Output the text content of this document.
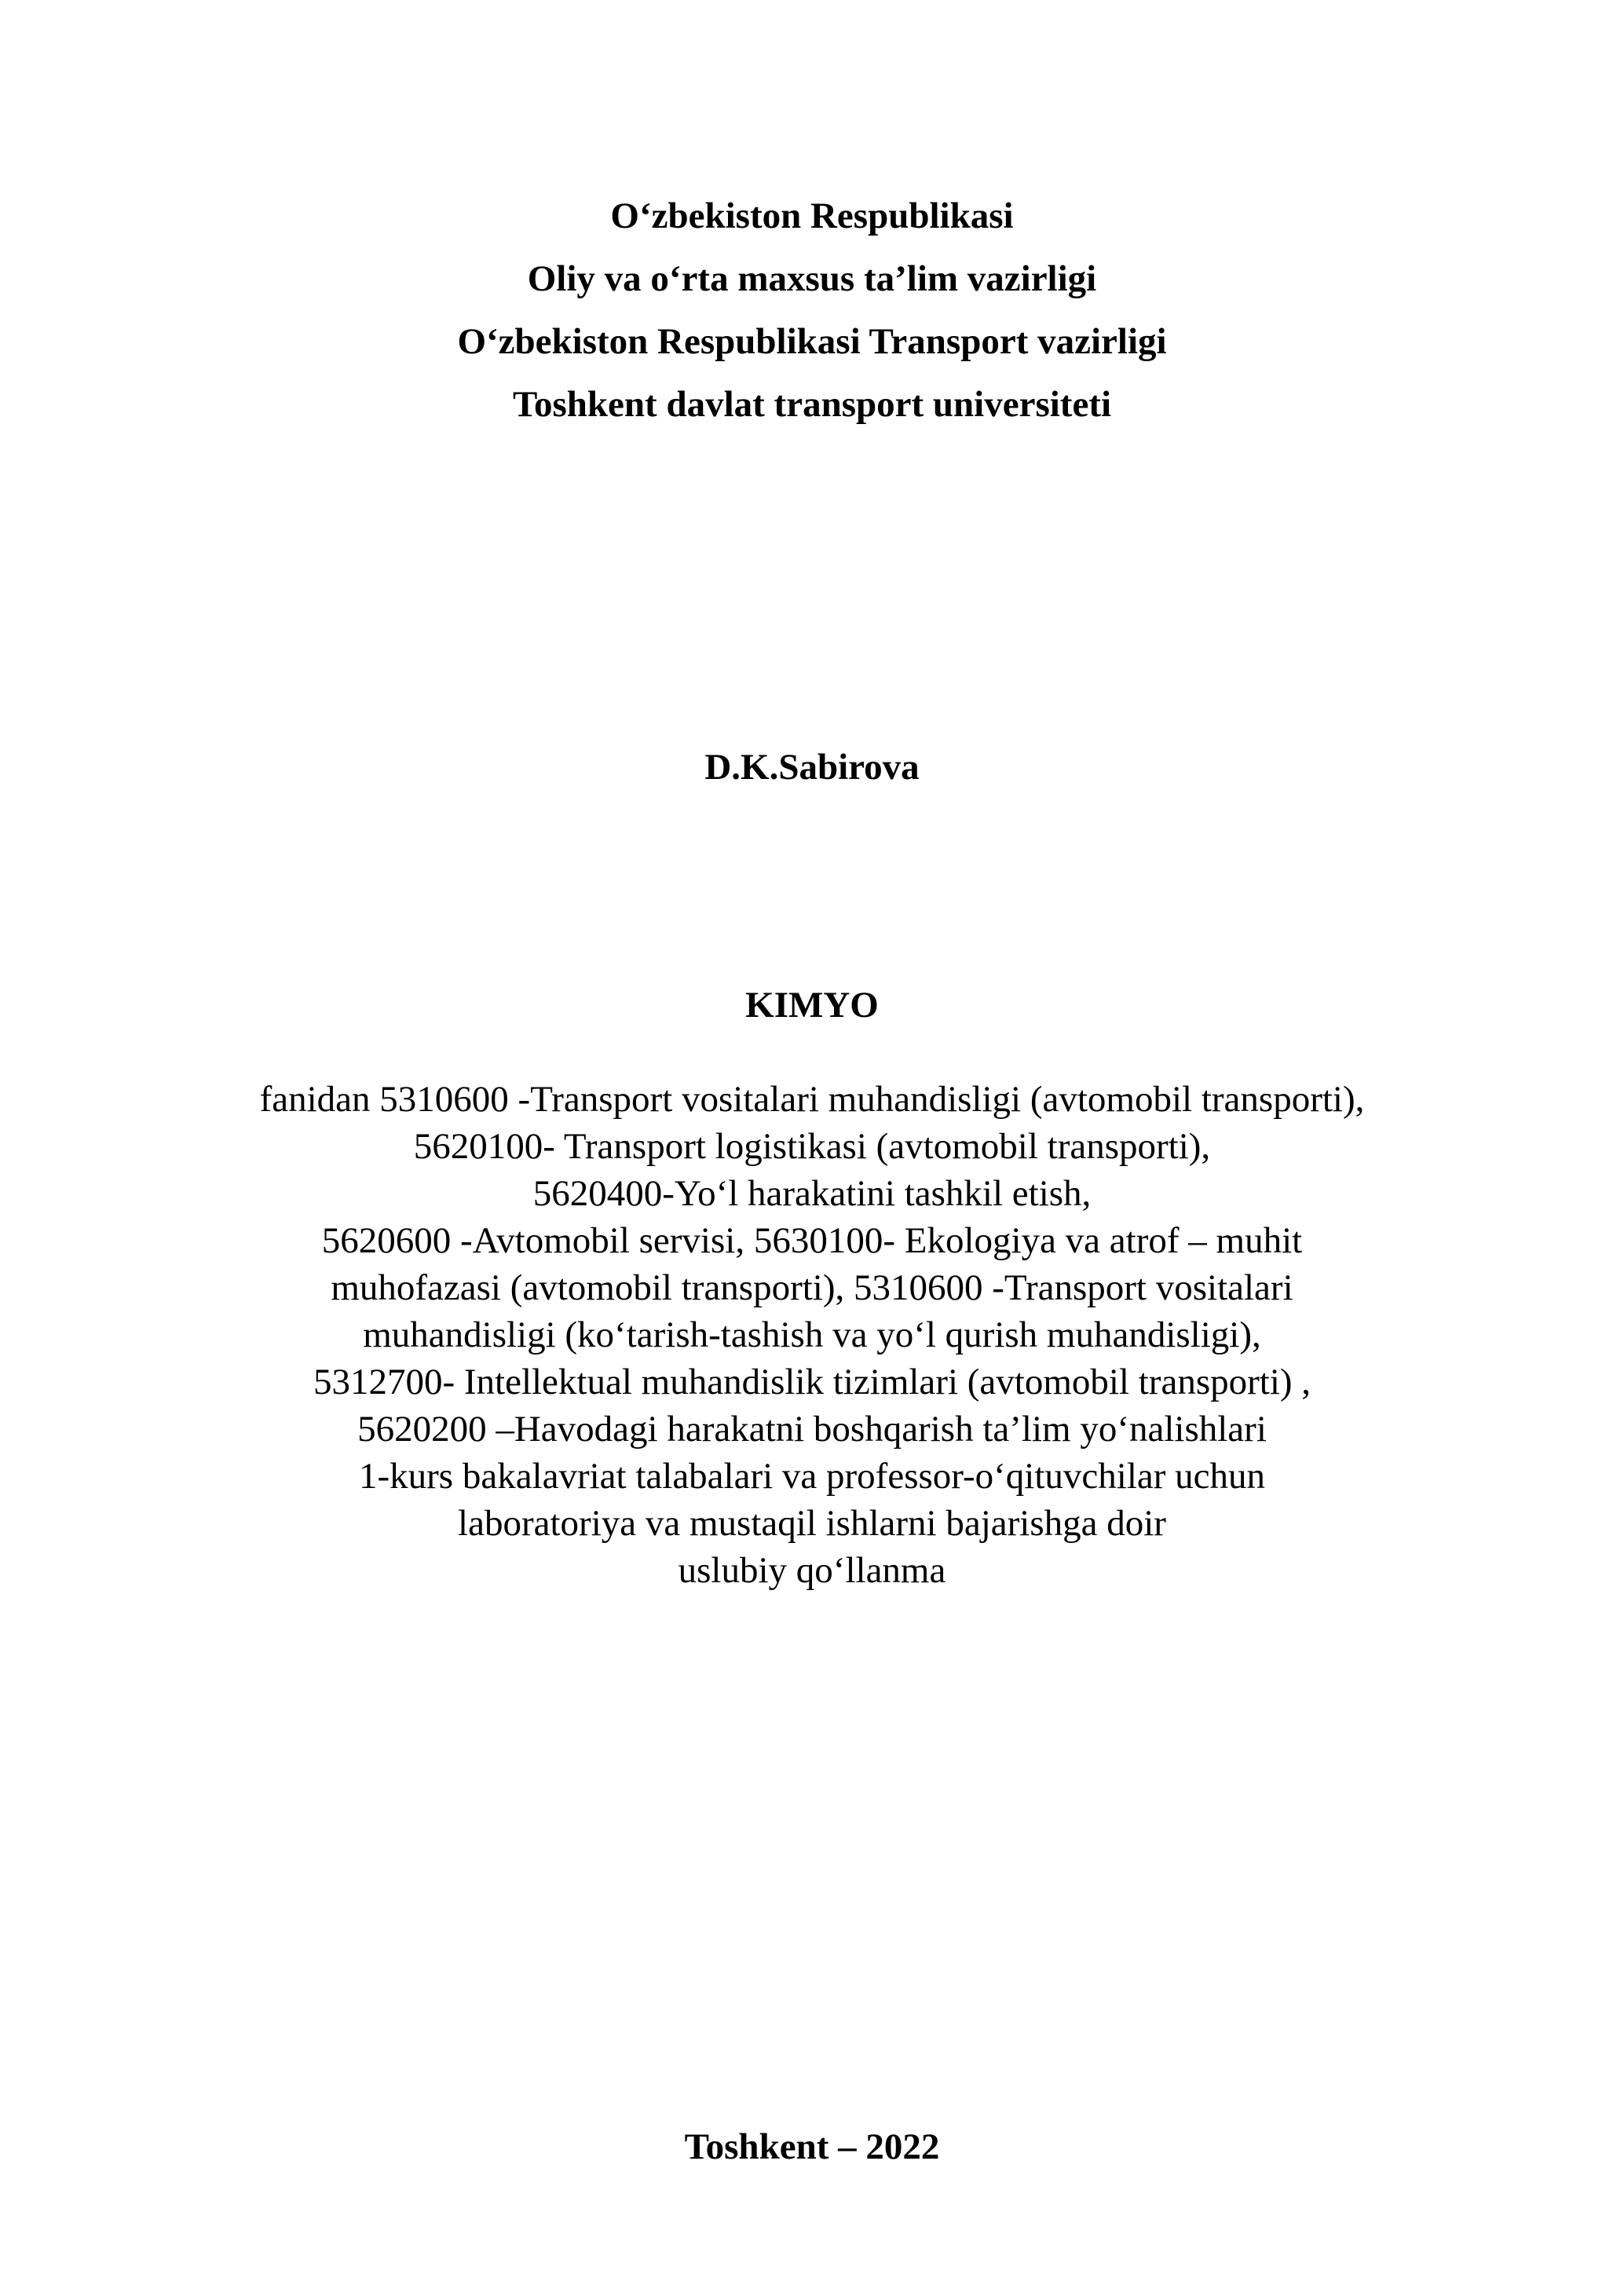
O‘zbekiston Respublikasi
Oliy va o‘rta maxsus ta’lim vazirligi
O‘zbekiston Respublikasi Transport vazirligi
Toshkent davlat transport universiteti
D.K.Sabirova
KIMYO
fanidan 5310600 -Transport vositalari muhandisligi (avtomobil transporti),
5620100- Transport logistikasi (avtomobil transporti),
5620400-Yo‘l harakatini tashkil etish,
5620600 -Avtomobil servisi, 5630100- Ekologiya va atrof – muhit
muhofazasi (avtomobil transporti), 5310600 -Transport vositalari
muhandisligi (ko‘tarish-tashish va yo‘l qurish muhandisligi),
5312700- Intellektual muhandislik tizimlari (avtomobil transporti) ,
5620200 –Havodagi harakatni boshqarish ta’lim yo‘nalishlari
1-kurs bakalavriat talabalari va professor-o‘qituvchilar uchun
laboratoriya va mustaqil ishlarni bajarishga doir
uslubiy qo‘llanma
Toshkent – 2022
